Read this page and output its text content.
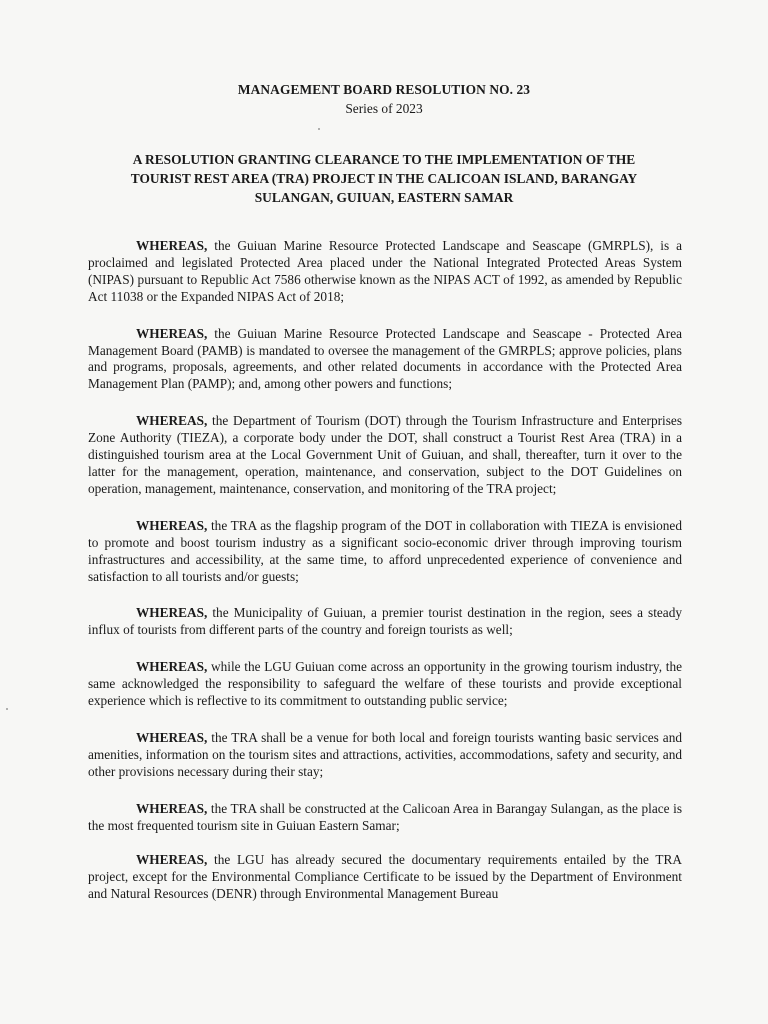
MANAGEMENT BOARD RESOLUTION NO. 23
Series of 2023
A RESOLUTION GRANTING CLEARANCE TO THE IMPLEMENTATION OF THE
TOURIST REST AREA (TRA) PROJECT IN THE CALICOAN ISLAND, BARANGAY
SULANGAN, GUIUAN, EASTERN SAMAR

WHEREAS, the Guiuan Marine Resource Protected Landscape and Seascape (GMRPLS), is a proclaimed and legislated Protected Area placed under the National Integrated Protected Areas System (NIPAS) pursuant to Republic Act 7586 otherwise known as the NIPAS ACT of 1992, as amended by Republic Act 11038 or the Expanded NIPAS Act of 2018;

WHEREAS, the Guiuan Marine Resource Protected Landscape and Seascape - Protected Area Management Board (PAMB) is mandated to oversee the management of the GMRPLS; approve policies, plans and programs, proposals, agreements, and other related documents in accordance with the Protected Area Management Plan (PAMP); and, among other powers and functions;

WHEREAS, the Department of Tourism (DOT) through the Tourism Infrastructure and Enterprises Zone Authority (TIEZA), a corporate body under the DOT, shall construct a Tourist Rest Area (TRA) in a distinguished tourism area at the Local Government Unit of Guiuan, and shall, thereafter, turn it over to the latter for the management, operation, maintenance, and conservation, subject to the DOT Guidelines on operation, management, maintenance, conservation, and monitoring of the TRA project;

WHEREAS, the TRA as the flagship program of the DOT in collaboration with TIEZA is envisioned to promote and boost tourism industry as a significant socio-economic driver through improving tourism infrastructures and accessibility, at the same time, to afford unprecedented experience of convenience and satisfaction to all tourists and/or guests;

WHEREAS, the Municipality of Guiuan, a premier tourist destination in the region, sees a steady influx of tourists from different parts of the country and foreign tourists as well;

WHEREAS, while the LGU Guiuan come across an opportunity in the growing tourism industry, the same acknowledged the responsibility to safeguard the welfare of these tourists and provide exceptional experience which is reflective to its commitment to outstanding public service;

WHEREAS, the TRA shall be a venue for both local and foreign tourists wanting basic services and amenities, information on the tourism sites and attractions, activities, accommodations, safety and security, and other provisions necessary during their stay;

WHEREAS, the TRA shall be constructed at the Calicoan Area in Barangay Sulangan, as the place is the most frequented tourism site in Guiuan Eastern Samar;

WHEREAS, the LGU has already secured the documentary requirements entailed by the TRA project, except for the Environmental Compliance Certificate to be issued by the Department of Environment and Natural Resources (DENR) through Environmental Management Bureau
